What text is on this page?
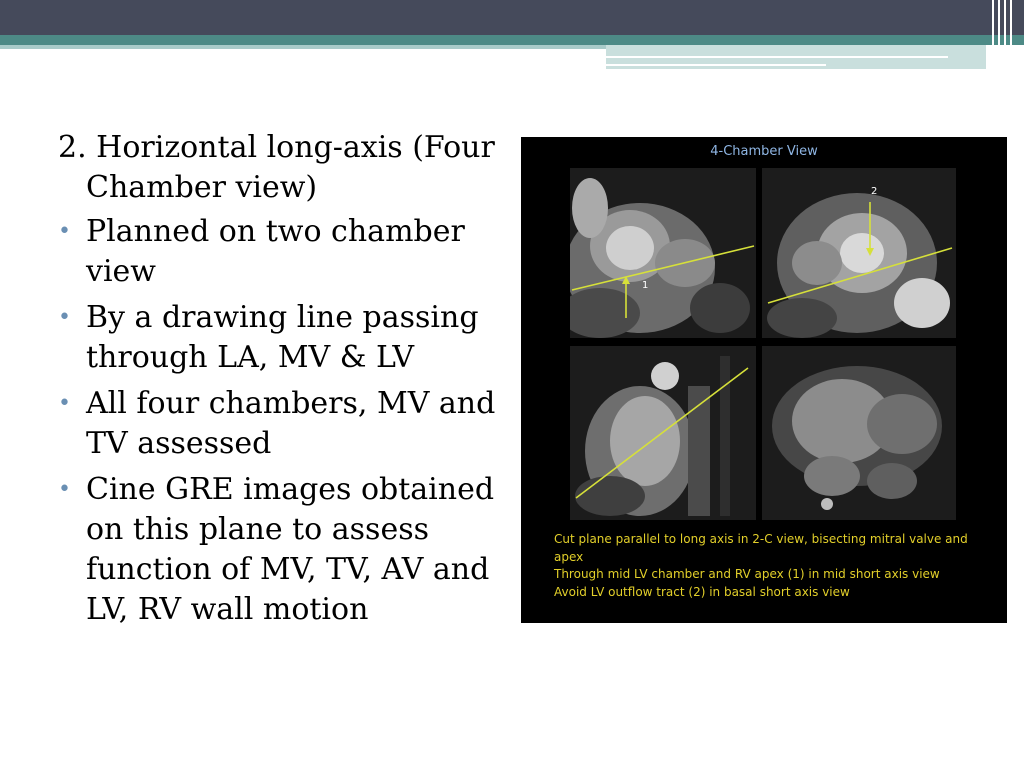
2. Horizontal long-axis (Four Chamber view)
• Planned on two chamber view
• By a drawing line passing through LA, MV & LV
• All four chambers, MV and TV assessed
• Cine GRE images obtained on this plane to assess function of MV, TV, AV and LV, RV wall motion
4-Chamber View
1
2
Cut plane parallel to long axis in 2-C view, bisecting mitral valve and apex
Through mid LV chamber and RV apex (1) in mid short axis view
Avoid LV outflow tract (2) in basal short axis view
